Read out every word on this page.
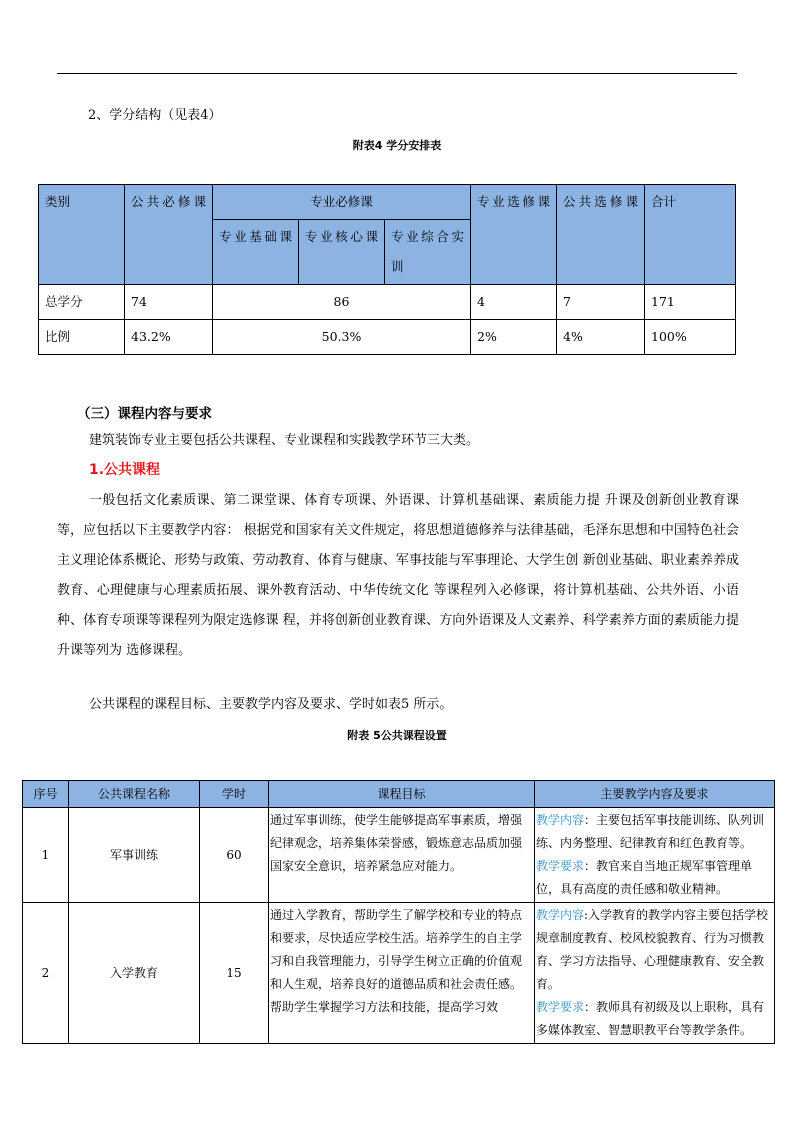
2、学分结构（见表4）
附表4 学分安排表
类别	公共必修课	专业必修课			专业选修课	公共选修课	合计
		专业基础课	专业核心课	专业综合实训			
总学分	74	86			4	7	171
比例	43.2%	50.3%			2%	4%	100%
（三）课程内容与要求
建筑装饰专业主要包括公共课程、专业课程和实践教学环节三大类。
1.公共课程
一般包括文化素质课、第二课堂课、体育专项课、外语课、计算机基础课、素质能力提 升课及创新创业教育课等，应包括以下主要教学内容： 根据党和国家有关文件规定，将思想道德修养与法律基础，毛泽东思想和中国特色社会 主义理论体系概论、形势与政策、劳动教育、体育与健康、军事技能与军事理论、大学生创 新创业基础、职业素养养成教育、心理健康与心理素质拓展、课外教育活动、中华传统文化 等课程列入必修课，将计算机基础、公共外语、小语种、体育专项课等课程列为限定选修课 程，并将创新创业教育课、方向外语课及人文素养、科学素养方面的素质能力提升课等列为 选修课程。
公共课程的课程目标、主要教学内容及要求、学时如表5 所示。
附表 5公共课程设置
序号	公共课程名称	学时	课程目标	主要教学内容及要求
1	军事训练	60	通过军事训练，使学生能够提高军事素质，增强纪律观念，培养集体荣誉感，锻炼意志品质加强国家安全意识，培养紧急应对能力。	教学内容：主要包括军事技能训练、队列训练、内务整理、纪律教育和红色教育等。
教学要求：教官来自当地正规军事管理单位，具有高度的责任感和敬业精神。
2	入学教育	15	通过入学教育，帮助学生了解学校和专业的特点和要求，尽快适应学校生活。培养学生的自主学习和自我管理能力，引导学生树立正确的价值观和人生观，培养良好的道德品质和社会责任感。帮助学生掌握学习方法和技能，提高学习效	教学内容:入学教育的教学内容主要包括学校规章制度教育、校风校貌教育、行为习惯教育、学习方法指导、心理健康教育、安全教育。
教学要求：教师具有初级及以上职称，具有多媒体教室、智慧职教平台等教学条件。
